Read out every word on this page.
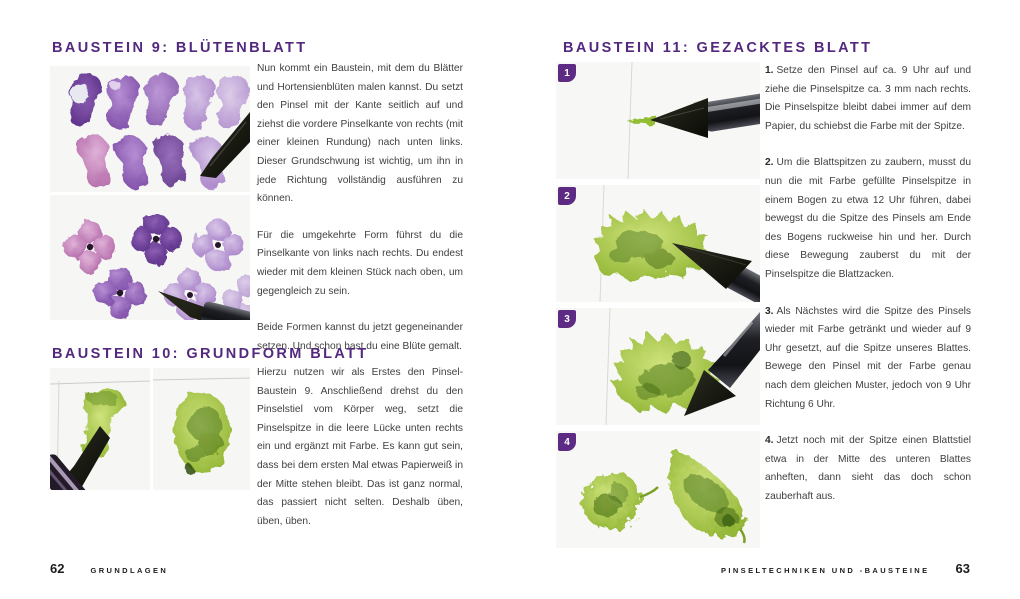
BAUSTEIN 9: BLÜTENBLATT

Nun kommt ein Baustein, mit dem du Blätter und Hortensienblüten malen kannst. Du setzt den Pinsel mit der Kante seitlich auf und ziehst die vordere Pinselkante von rechts (mit einer kleinen Rundung) nach unten links. Dieser Grundschwung ist wichtig, um ihn in jede Richtung vollständig ausführen zu können.

Für die umgekehrte Form führst du die Pinselkante von links nach rechts. Du endest wieder mit dem kleinen Stück nach oben, um gegengleich zu sein.

Beide Formen kannst du jetzt gegeneinander setzen. Und schon hast du eine Blüte gemalt.

BAUSTEIN 10: GRUNDFORM BLATT

Hierzu nutzen wir als Erstes den Pinsel-Baustein 9. Anschließend drehst du den Pinselstiel vom Körper weg, setzt die Pinselspitze in die leere Lücke unten rechts ein und ergänzt mit Farbe. Es kann gut sein, dass bei dem ersten Mal etwas Papierweiß in der Mitte stehen bleibt. Das ist ganz normal, das passiert nicht selten. Deshalb üben, üben, üben.

62	GRUNDLAGEN
BAUSTEIN 11: GEZACKTES BLATT
1
2
3
4

1. Setze den Pinsel auf ca. 9 Uhr auf und ziehe die Pinselspitze ca. 3 mm nach rechts. Die Pinselspitze bleibt dabei immer auf dem Papier, du schiebst die Farbe mit der Spitze.

2. Um die Blattspitzen zu zaubern, musst du nun die mit Farbe gefüllte Pinselspitze in einem Bogen zu etwa 12 Uhr führen, dabei bewegst du die Spitze des Pinsels am Ende des Bogens ruckweise hin und her. Durch diese Bewegung zauberst du mit der Pinselspitze die Blattzacken.

3. Als Nächstes wird die Spitze des Pinsels wieder mit Farbe getränkt und wieder auf 9 Uhr gesetzt, auf die Spitze unseres Blattes. Bewege den Pinsel mit der Farbe genau nach dem gleichen Muster, jedoch von 9 Uhr Richtung 6 Uhr.

4. Jetzt noch mit der Spitze einen Blattstiel etwa in der Mitte des unteren Blattes anheften, dann sieht das doch schon zauberhaft aus.

PINSELTECHNIKEN UND -BAUSTEINE 63
